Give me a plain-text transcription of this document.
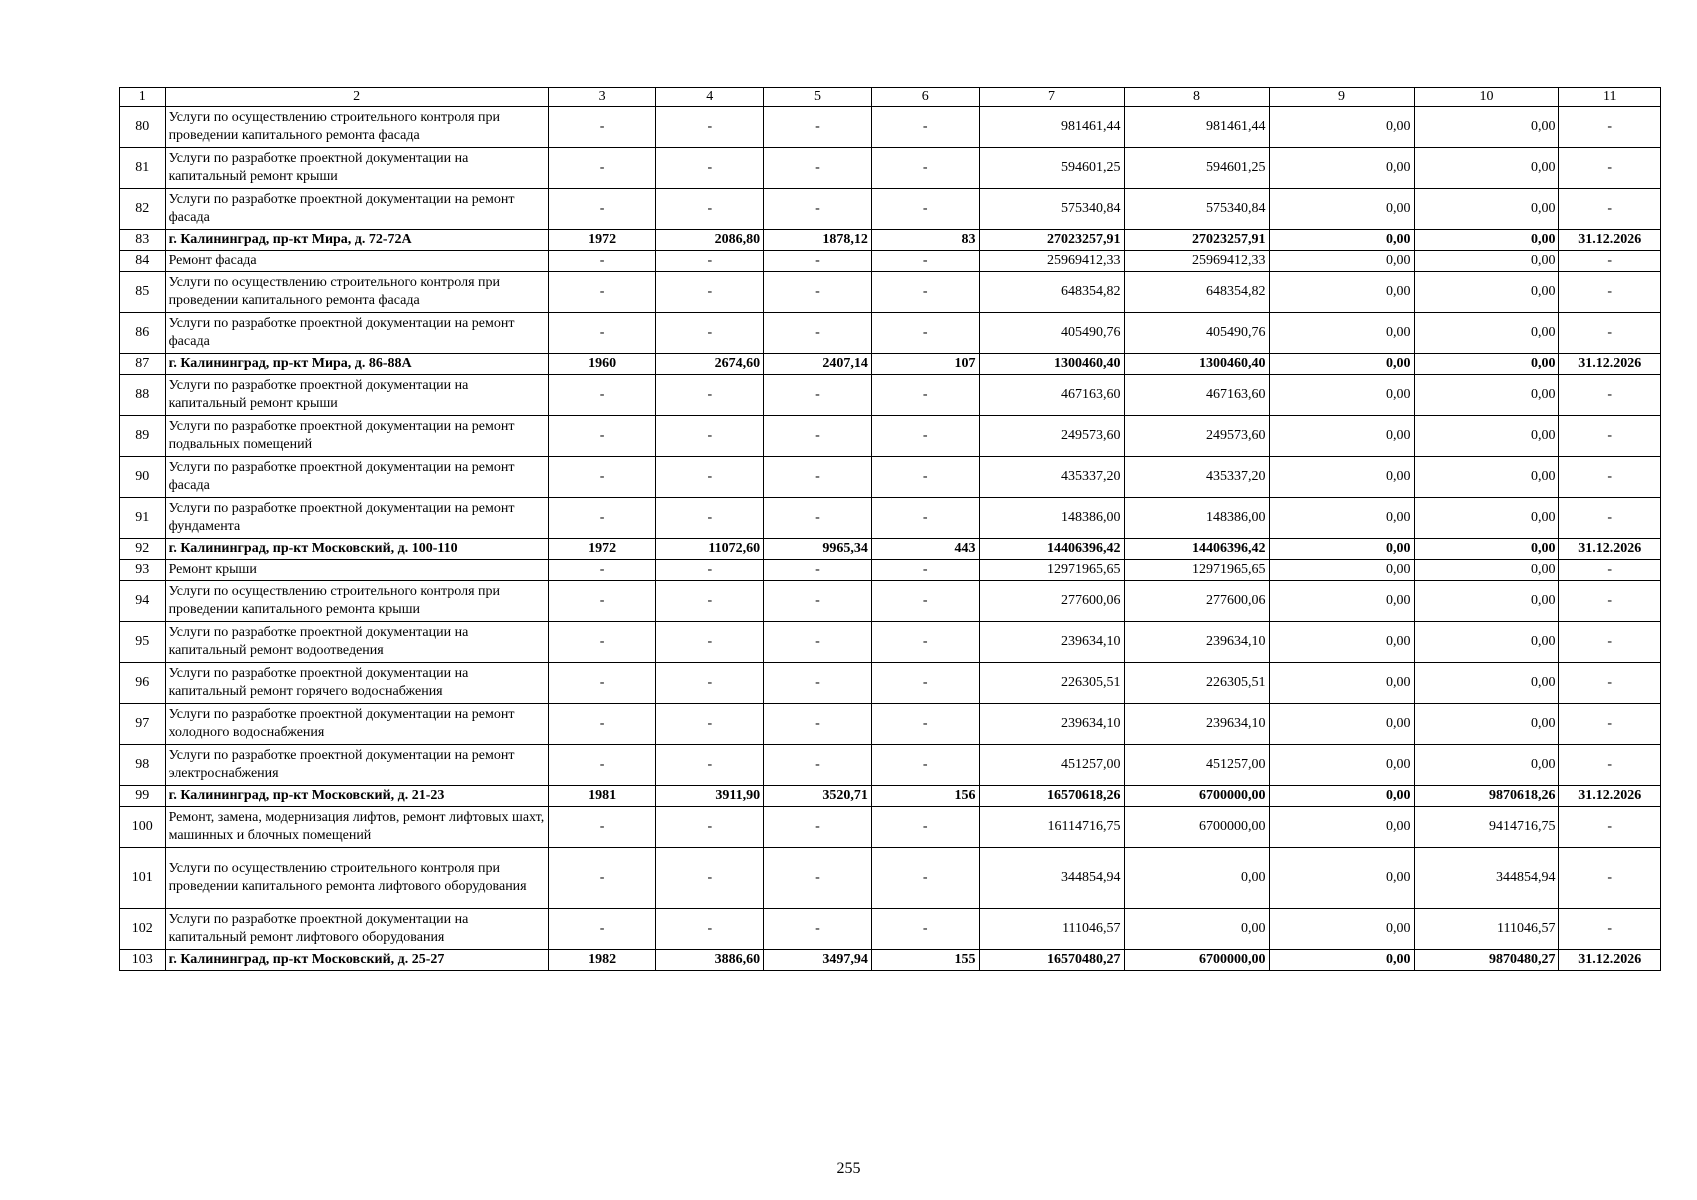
1	2	3	4	5	6	7	8	9	10	11
80	Услуги по осуществлению строительного контроля при проведении капитального ремонта фасада	-	-	-	-	981461,44	981461,44	0,00	0,00	-
81	Услуги по разработке проектной документации на капитальный ремонт крыши	-	-	-	-	594601,25	594601,25	0,00	0,00	-
82	Услуги по разработке проектной документации на ремонт фасада	-	-	-	-	575340,84	575340,84	0,00	0,00	-
83	г. Калининград, пр-кт Мира, д. 72-72А	1972	2086,80	1878,12	83	27023257,91	27023257,91	0,00	0,00	31.12.2026
84	Ремонт фасада	-	-	-	-	25969412,33	25969412,33	0,00	0,00	-
85	Услуги по осуществлению строительного контроля при проведении капитального ремонта фасада	-	-	-	-	648354,82	648354,82	0,00	0,00	-
86	Услуги по разработке проектной документации на ремонт фасада	-	-	-	-	405490,76	405490,76	0,00	0,00	-
87	г. Калининград, пр-кт Мира, д. 86-88А	1960	2674,60	2407,14	107	1300460,40	1300460,40	0,00	0,00	31.12.2026
88	Услуги по разработке проектной документации на капитальный ремонт крыши	-	-	-	-	467163,60	467163,60	0,00	0,00	-
89	Услуги по разработке проектной документации на ремонт подвальных помещений	-	-	-	-	249573,60	249573,60	0,00	0,00	-
90	Услуги по разработке проектной документации на ремонт фасада	-	-	-	-	435337,20	435337,20	0,00	0,00	-
91	Услуги по разработке проектной документации на ремонт фундамента	-	-	-	-	148386,00	148386,00	0,00	0,00	-
92	г. Калининград, пр-кт Московский, д. 100-110	1972	11072,60	9965,34	443	14406396,42	14406396,42	0,00	0,00	31.12.2026
93	Ремонт крыши	-	-	-	-	12971965,65	12971965,65	0,00	0,00	-
94	Услуги по осуществлению строительного контроля при проведении капитального ремонта крыши	-	-	-	-	277600,06	277600,06	0,00	0,00	-
95	Услуги по разработке проектной документации на капитальный ремонт водоотведения	-	-	-	-	239634,10	239634,10	0,00	0,00	-
96	Услуги по разработке проектной документации на капитальный ремонт горячего водоснабжения	-	-	-	-	226305,51	226305,51	0,00	0,00	-
97	Услуги по разработке проектной документации на ремонт холодного водоснабжения	-	-	-	-	239634,10	239634,10	0,00	0,00	-
98	Услуги по разработке проектной документации на ремонт электроснабжения	-	-	-	-	451257,00	451257,00	0,00	0,00	-
99	г. Калининград, пр-кт Московский, д. 21-23	1981	3911,90	3520,71	156	16570618,26	6700000,00	0,00	9870618,26	31.12.2026
100	Ремонт, замена, модернизация лифтов, ремонт лифтовых шахт, машинных и блочных помещений	-	-	-	-	16114716,75	6700000,00	0,00	9414716,75	-
101	Услуги по осуществлению строительного контроля при проведении капитального ремонта лифтового оборудования	-	-	-	-	344854,94	0,00	0,00	344854,94	-
102	Услуги по разработке проектной документации на капитальный ремонт лифтового оборудования	-	-	-	-	111046,57	0,00	0,00	111046,57	-
103	г. Калининград, пр-кт Московский, д. 25-27	1982	3886,60	3497,94	155	16570480,27	6700000,00	0,00	9870480,27	31.12.2026
255
